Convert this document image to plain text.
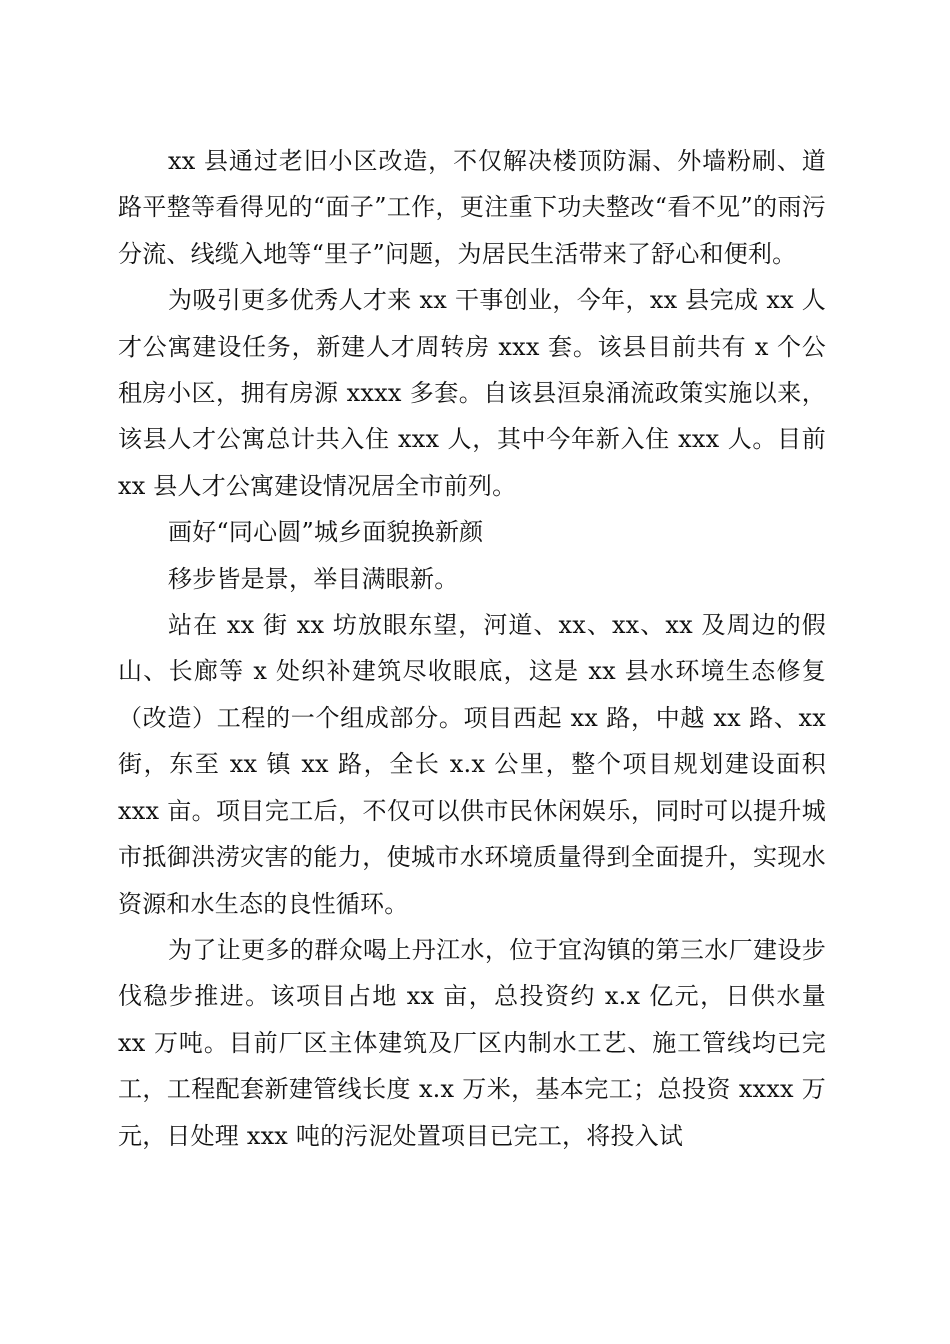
xx 县通过老旧小区改造，不仅解决楼顶防漏、外墙粉刷、道路平整等看得见的“面子”工作，更注重下功夫整改“看不见”的雨污分流、线缆入地等“里子”问题，为居民生活带来了舒心和便利。

为吸引更多优秀人才来 xx 干事创业，今年，xx 县完成 xx 人才公寓建设任务，新建人才周转房 xxx 套。该县目前共有 x 个公租房小区，拥有房源 xxxx 多套。自该县洹泉涌流政策实施以来，该县人才公寓总计共入住 xxx 人，其中今年新入住 xxx 人。目前 xx 县人才公寓建设情况居全市前列。

画好“同心圆”城乡面貌换新颜

移步皆是景，举目满眼新。

站在 xx 街 xx 坊放眼东望，河道、xx、xx、xx 及周边的假山、长廊等 x 处织补建筑尽收眼底，这是 xx 县水环境生态修复（改造）工程的一个组成部分。项目西起 xx 路，中越 xx 路、xx 街，东至 xx 镇 xx 路，全长 x.x 公里，整个项目规划建设面积 xxx 亩。项目完工后，不仅可以供市民休闲娱乐，同时可以提升城市抵御洪涝灾害的能力，使城市水环境质量得到全面提升，实现水资源和水生态的良性循环。

为了让更多的群众喝上丹江水，位于宜沟镇的第三水厂建设步伐稳步推进。该项目占地 xx 亩，总投资约 x.x 亿元，日供水量 xx 万吨。目前厂区主体建筑及厂区内制水工艺、施工管线均已完工，工程配套新建管线长度 x.x 万米，基本完工；总投资 xxxx 万元，日处理 xxx 吨的污泥处置项目已完工，将投入试
